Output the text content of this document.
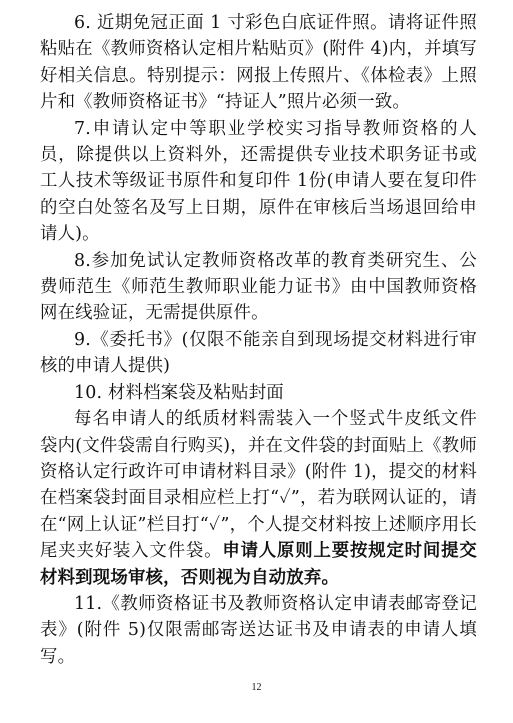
6. 近期免冠正面 1 寸彩色白底证件照。请将证件照粘贴在《教师资格认定相片粘贴页》(附件 4)内，并填写好相关信息。特别提示：网报上传照片、《体检表》上照片和《教师资格证书》“持证人”照片必须一致。

7.申请认定中等职业学校实习指导教师资格的人员，除提供以上资料外，还需提供专业技术职务证书或工人技术等级证书原件和复印件 1份(申请人要在复印件的空白处签名及写上日期，原件在审核后当场退回给申请人)。

8.参加免试认定教师资格改革的教育类研究生、公费师范生《师范生教师职业能力证书》由中国教师资格网在线验证，无需提供原件。

9.《委托书》(仅限不能亲自到现场提交材料进行审核的申请人提供)

10. 材料档案袋及粘贴封面

每名申请人的纸质材料需装入一个竖式牛皮纸文件袋内(文件袋需自行购买)，并在文件袋的封面贴上《教师资格认定行政许可申请材料目录》(附件 1)，提交的材料在档案袋封面目录相应栏上打“✓”，若为联网认证的，请在“网上认证”栏目打“✓”，个人提交材料按上述顺序用长尾夹夹好装入文件袋。申请人原则上要按规定时间提交材料到现场审核，否则视为自动放弃。

11.《教师资格证书及教师资格认定申请表邮寄登记表》(附件 5)仅限需邮寄送达证书及申请表的申请人填写。

12
